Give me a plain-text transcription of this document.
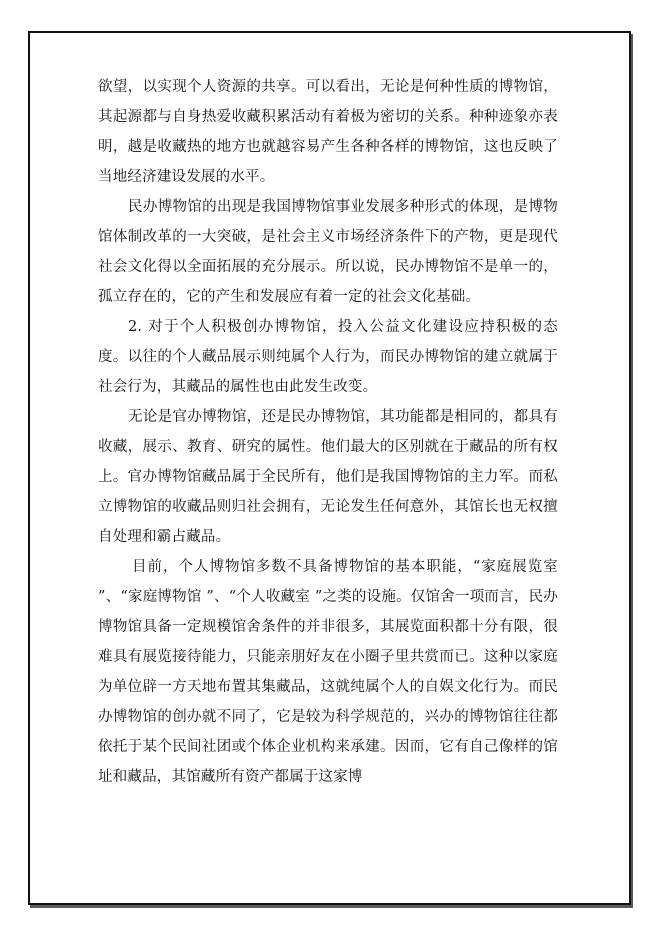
欲望，以实现个人资源的共享。可以看出，无论是何种性质的博物馆，其起源都与自身热爱收藏积累活动有着极为密切的关系。种种迹象亦表明，越是收藏热的地方也就越容易产生各种各样的博物馆，这也反映了当地经济建设发展的水平。

民办博物馆的出现是我国博物馆事业发展多种形式的体现，是博物馆体制改革的一大突破，是社会主义市场经济条件下的产物，更是现代社会文化得以全面拓展的充分展示。所以说，民办博物馆不是单一的，孤立存在的，它的产生和发展应有着一定的社会文化基础。

2. 对于个人积极创办博物馆，投入公益文化建设应持积极的态度。以往的个人藏品展示则纯属个人行为，而民办博物馆的建立就属于社会行为，其藏品的属性也由此发生改变。

无论是官办博物馆，还是民办博物馆，其功能都是相同的，都具有收藏，展示、教育、研究的属性。他们最大的区别就在于藏品的所有权上。官办博物馆藏品属于全民所有，他们是我国博物馆的主力军。而私立博物馆的收藏品则归社会拥有，无论发生任何意外，其馆长也无权擅自处理和霸占藏品。

目前，个人博物馆多数不具备博物馆的基本职能，“家庭展览室 ”、“家庭博物馆 ”、“个人收藏室 ”之类的设施。仅馆舍一项而言，民办博物馆具备一定规模馆舍条件的并非很多，其展览面积都十分有限，很难具有展览接待能力，只能亲朋好友在小圈子里共赏而已。这种以家庭为单位辟一方天地布置其集藏品，这就纯属个人的自娱文化行为。而民办博物馆的创办就不同了，它是较为科学规范的，兴办的博物馆往往都依托于某个民间社团或个体企业机构来承建。因而，它有自己像样的馆址和藏品，其馆藏所有资产都属于这家博
